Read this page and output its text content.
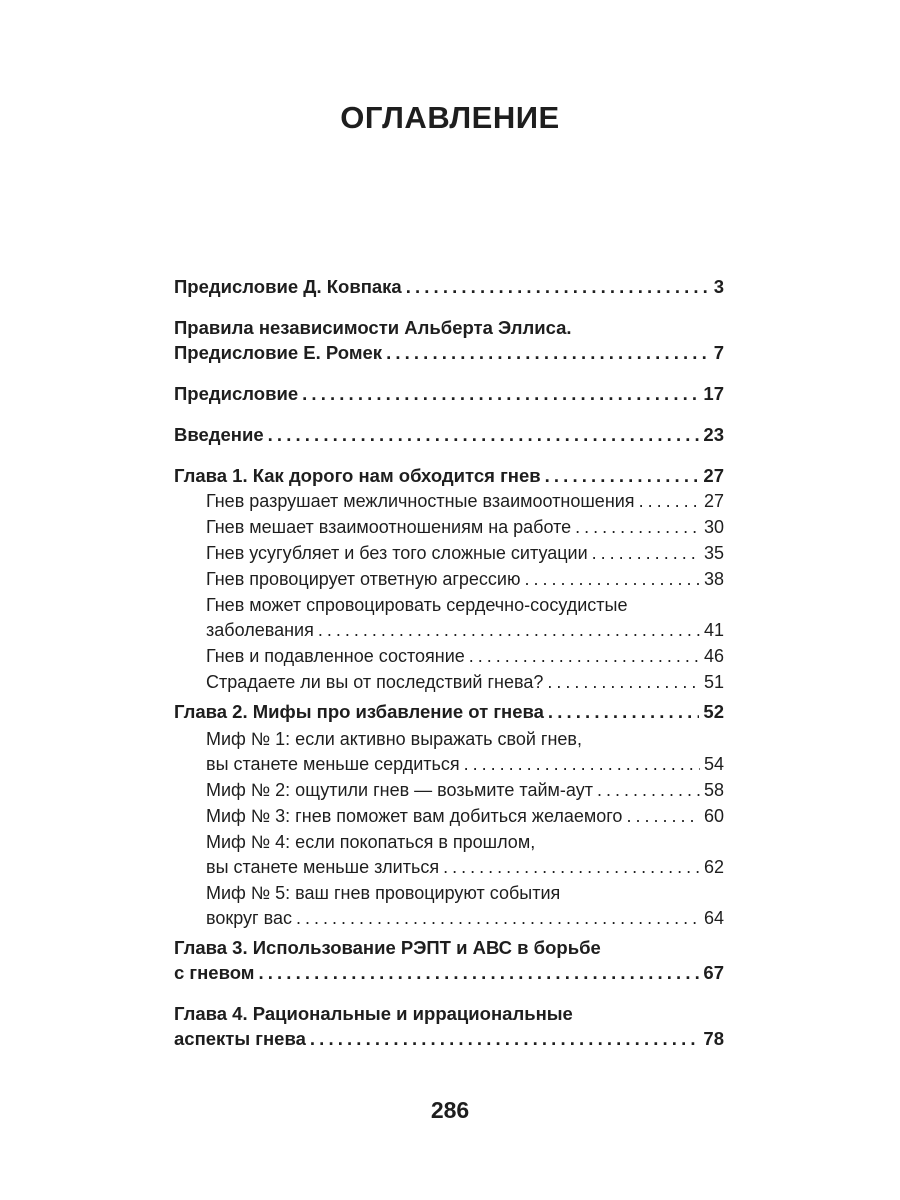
ОГЛАВЛЕНИЕ
Предисловие Д. Ковпака . . .	3
Правила независимости Альберта Эллиса.
Предисловие Е. Ромек . . .	7
Предисловие . . .	17
Введение . . .	23
Глава 1. Как дорого нам обходится гнев . . .	27
Гнев разрушает межличностные взаимоотношения . . .	27
Гнев мешает взаимоотношениям на работе . . .	30
Гнев усугубляет и без того сложные ситуации . . .	35
Гнев провоцирует ответную агрессию . . .	38
Гнев может спровоцировать сердечно-сосудистые
заболевания . . .	41
Гнев и подавленное состояние . . .	46
Страдаете ли вы от последствий гнева? . . .	51
Глава 2. Мифы про избавление от гнева . . .	52
Миф № 1: если активно выражать свой гнев,
вы станете меньше сердиться . . .	54
Миф № 2: ощутили гнев — возьмите тайм-аут . . .	58
Миф № 3: гнев поможет вам добиться желаемого . . .	60
Миф № 4: если покопаться в прошлом,
вы станете меньше злиться . . .	62
Миф № 5: ваш гнев провоцируют события
вокруг вас . . .	64
Глава 3. Использование РЭПТ и АВС в борьбе
с гневом . . .	67
Глава 4. Рациональные и иррациональные
аспекты гнева . . .	78
286
